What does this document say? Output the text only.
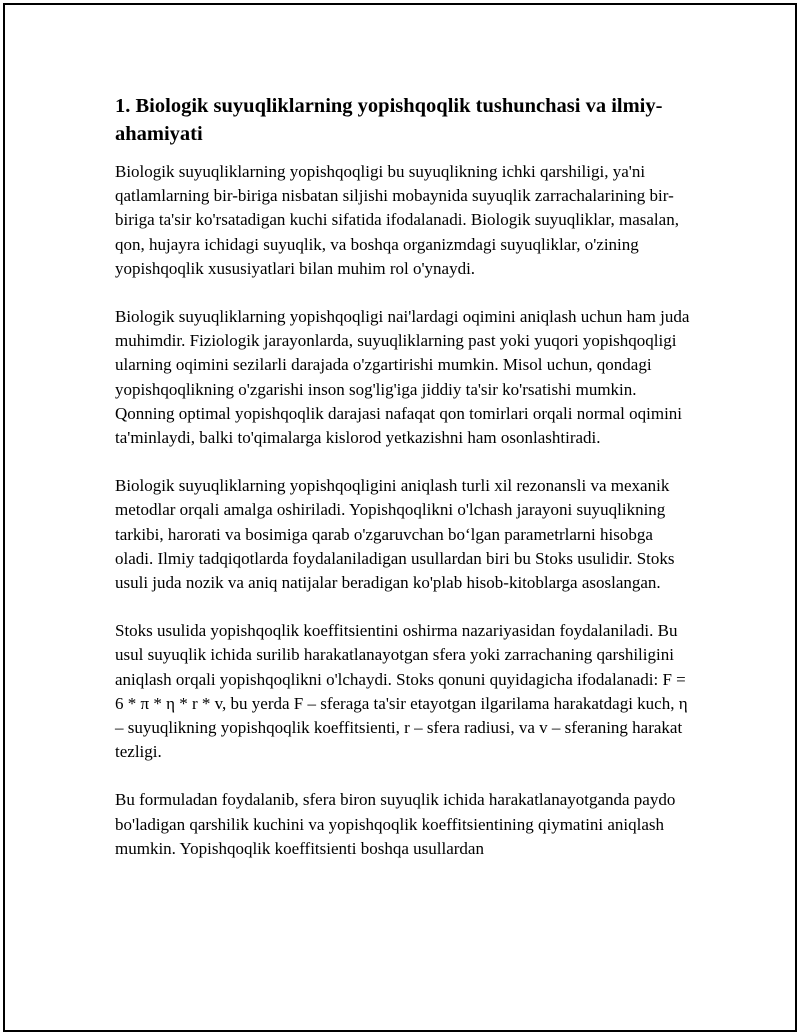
1. Biologik suyuqliklarning yopishqoqlik tushunchasi va ilmiy-ahamiyati

Biologik suyuqliklarning yopishqoqligi bu suyuqlikning ichki qarshiligi, ya'ni qatlamlarning bir-biriga nisbatan siljishi mobaynida suyuqlik zarrachalarining bir-biriga ta'sir ko'rsatadigan kuchi sifatida ifodalanadi. Biologik suyuqliklar, masalan, qon, hujayra ichidagi suyuqlik, va boshqa organizmdagi suyuqliklar, o'zining yopishqoqlik xususiyatlari bilan muhim rol o'ynaydi.

Biologik suyuqliklarning yopishqoqligi nai'lardagi oqimini aniqlash uchun ham juda muhimdir. Fiziologik jarayonlarda, suyuqliklarning past yoki yuqori yopishqoqligi ularning oqimini sezilarli darajada o'zgartirishi mumkin. Misol uchun, qondagi yopishqoqlikning o'zgarishi inson sog'lig'iga jiddiy ta'sir ko'rsatishi mumkin. Qonning optimal yopishqoqlik darajasi nafaqat qon tomirlari orqali normal oqimini ta'minlaydi, balki to'qimalarga kislorod yetkazishni ham osonlashtiradi.

Biologik suyuqliklarning yopishqoqligini aniqlash turli xil rezonansli va mexanik metodlar orqali amalga oshiriladi. Yopishqoqlikni o'lchash jarayoni suyuqlikning tarkibi, harorati va bosimiga qarab o'zgaruvchan bo‘lgan parametrlarni hisobga oladi. Ilmiy tadqiqotlarda foydalaniladigan usullardan biri bu Stoks usulidir. Stoks usuli juda nozik va aniq natijalar beradigan ko'plab hisob-kitoblarga asoslangan.

Stoks usulida yopishqoqlik koeffitsientini oshirma nazariyasidan foydalaniladi. Bu usul suyuqlik ichida surilib harakatlanayotgan sfera yoki zarrachaning qarshiligini aniqlash orqali yopishqoqlikni o'lchaydi. Stoks qonuni quyidagicha ifodalanadi: F = 6 * π * η * r * v, bu yerda F – sferaga ta'sir etayotgan ilgarilama harakatdagi kuch, η – suyuqlikning yopishqoqlik koeffitsienti, r – sfera radiusi, va v – sferaning harakat tezligi.

Bu formuladan foydalanib, sfera biron suyuqlik ichida harakatlanayotganda paydo bo'ladigan qarshilik kuchini va yopishqoqlik koeffitsientining qiymatini aniqlash mumkin. Yopishqoqlik koeffitsienti boshqa usullardan
